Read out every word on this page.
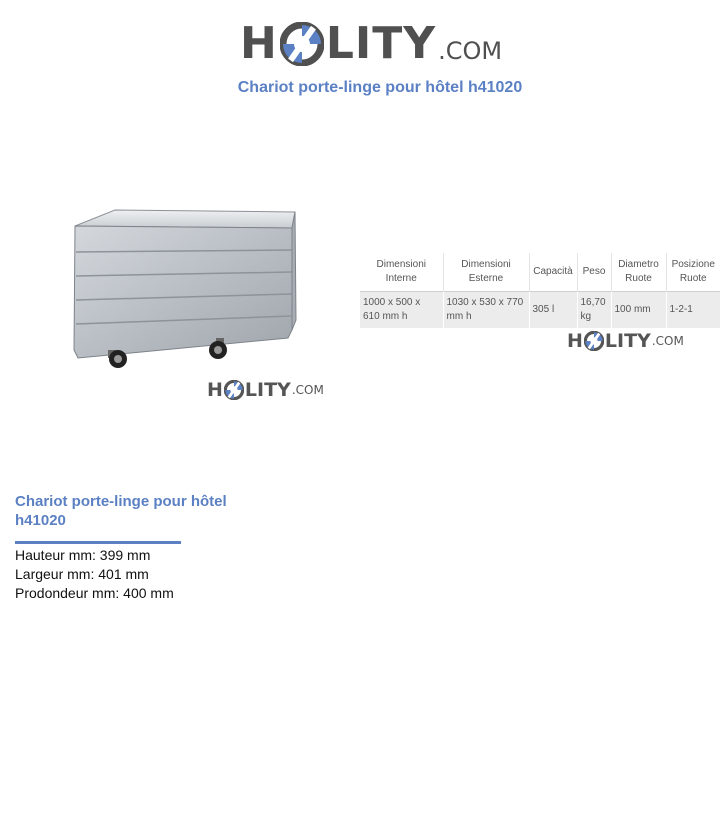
H LITY .COM
Chariot porte-linge pour hôtel h41020
H LITY .COM
Dimensioni Interne	Dimensioni Esterne	Capacità	Peso	Diametro Ruote	Posizione Ruote
1000 x 500 x 610 mm h	1030 x 530 x 770 mm h	305 l	16,70 kg	100 mm	1-2-1
H LITY .COM
Chariot porte-linge pour hôtel h41020
Hauteur mm: 399 mm
Largeur mm: 401 mm
Prodondeur mm: 400 mm
